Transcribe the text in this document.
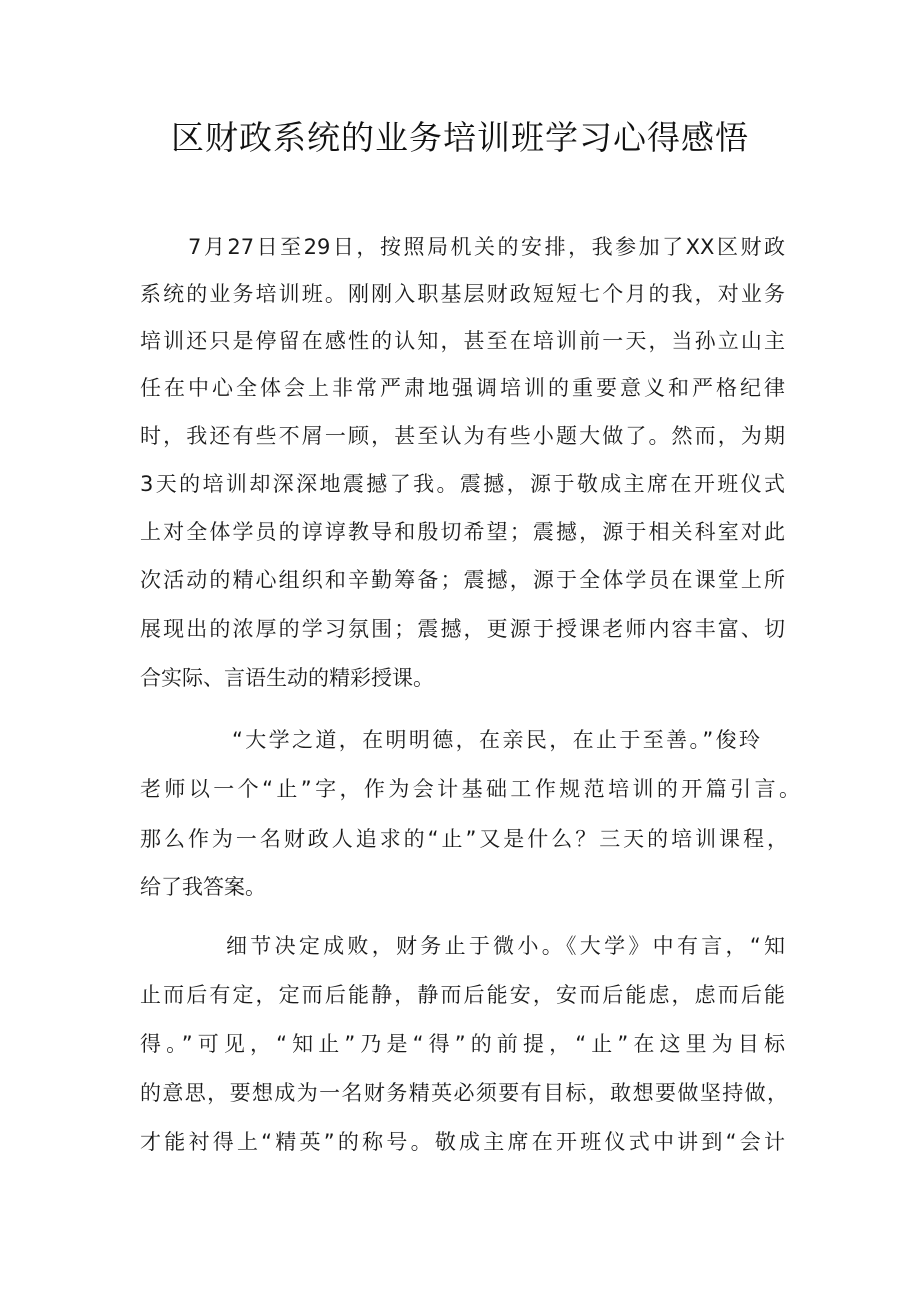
区财政系统的业务培训班学习心得感悟
7月27日至29日，按照局机关的安排，我参加了XX区财政
系统的业务培训班。刚刚入职基层财政短短七个月的我，对业务
培训还只是停留在感性的认知，甚至在培训前一天，当孙立山主
任在中心全体会上非常严肃地强调培训的重要意义和严格纪律
时，我还有些不屑一顾，甚至认为有些小题大做了。然而，为期
3天的培训却深深地震撼了我。震撼，源于敬成主席在开班仪式
上对全体学员的谆谆教导和殷切希望；震撼，源于相关科室对此
次活动的精心组织和辛勤筹备；震撼，源于全体学员在课堂上所
展现出的浓厚的学习氛围；震撼，更源于授课老师内容丰富、切
合实际、言语生动的精彩授课。
“大学之道，在明明德，在亲民，在止于至善。”俊玲
老师以一个“止”字，作为会计基础工作规范培训的开篇引言。
那么作为一名财政人追求的“止”又是什么？三天的培训课程，
给了我答案。
细节决定成败，财务止于微小。《大学》中有言，“知
止而后有定，定而后能静，静而后能安，安而后能虑，虑而后能
得。”可见，“知止”乃是“得”的前提，“止”在这里为目标
的意思，要想成为一名财务精英必须要有目标，敢想要做坚持做，
才能衬得上“精英”的称号。敬成主席在开班仪式中讲到“会计
